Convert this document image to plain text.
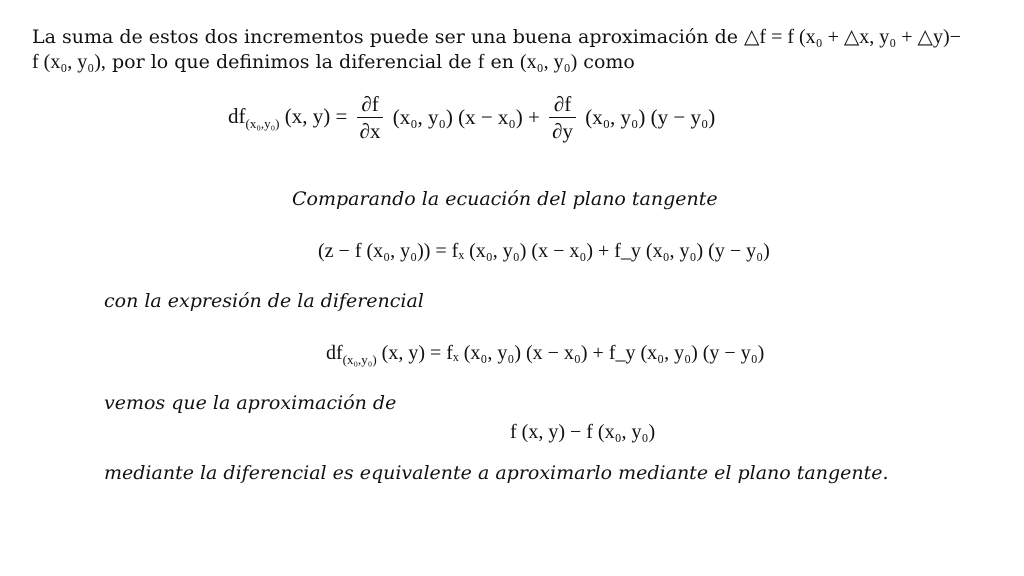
La suma de estos dos incrementos puede ser una buena aproximación de △f = f (x₀ + △x, y₀ + △y)−
f (x₀, y₀), por lo que definimos la diferencial de f en (x₀, y₀) como
$df_{(x_0,y_0)}$ (x, $y) = \frac{\partial f}{\partial x} (x_0$, y₀) $(x - x_0) + \frac{\partial f}{\partial y} (x_0$, y₀) (y − y₀)
Comparando la ecuación del plano tangente
(z − f (x₀, y₀)) = fₓ (x₀, y₀) (x − x₀) + f_y (x₀, y₀) (y − y₀)
con la expresión de la diferencial
$df_{(x_0,y_0)}$ (x, y) = fₓ (x₀, y₀) (x − x₀) + f_y (x₀, y₀) (y − y₀)
vemos que la aproximación de
f (x, y) − f (x₀, y₀)
mediante la diferencial es equivalente a aproximarlo mediante el plano tangente.
